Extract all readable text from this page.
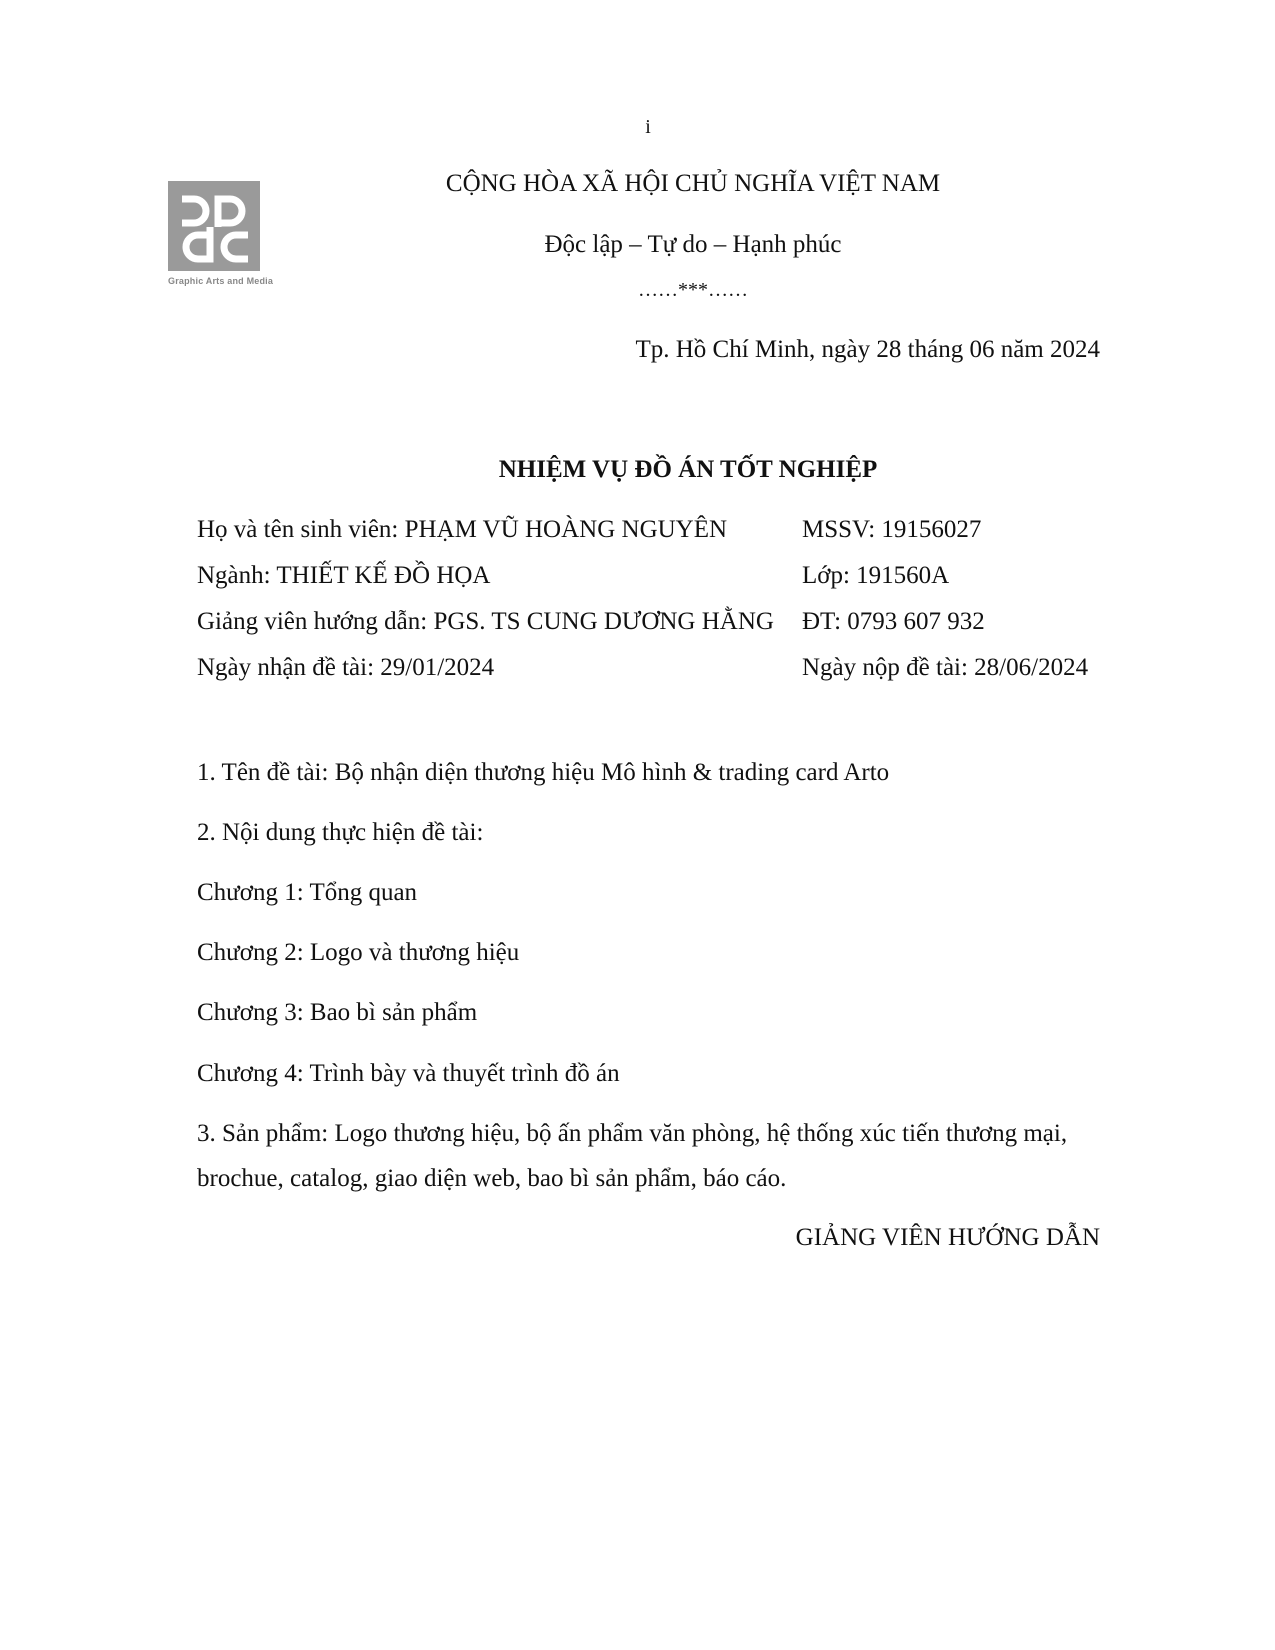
i
Graphic Arts and Media
CỘNG HÒA XÃ HỘI CHỦ NGHĨA VIỆT NAM
Độc lập – Tự do – Hạnh phúc
……***……
Tp. Hồ Chí Minh, ngày 28 tháng 06 năm 2024
NHIỆM VỤ ĐỒ ÁN TỐT NGHIỆP
Họ và tên sinh viên: PHẠM VŨ HOÀNG NGUYÊN	MSSV: 19156027
Ngành: THIẾT KẾ ĐỒ HỌA	Lớp: 191560A
Giảng viên hướng dẫn: PGS. TS CUNG DƯƠNG HẰNG ĐT: 0793 607 932
Ngày nhận đề tài: 29/01/2024	Ngày nộp đề tài: 28/06/2024
1. Tên đề tài: Bộ nhận diện thương hiệu Mô hình & trading card Arto
2. Nội dung thực hiện đề tài:
Chương 1: Tổng quan
Chương 2: Logo và thương hiệu
Chương 3: Bao bì sản phẩm
Chương 4: Trình bày và thuyết trình đồ án
3. Sản phẩm: Logo thương hiệu, bộ ấn phẩm văn phòng, hệ thống xúc tiến thương mại,
brochue, catalog, giao diện web, bao bì sản phẩm, báo cáo.
GIẢNG VIÊN HƯỚNG DẪN
